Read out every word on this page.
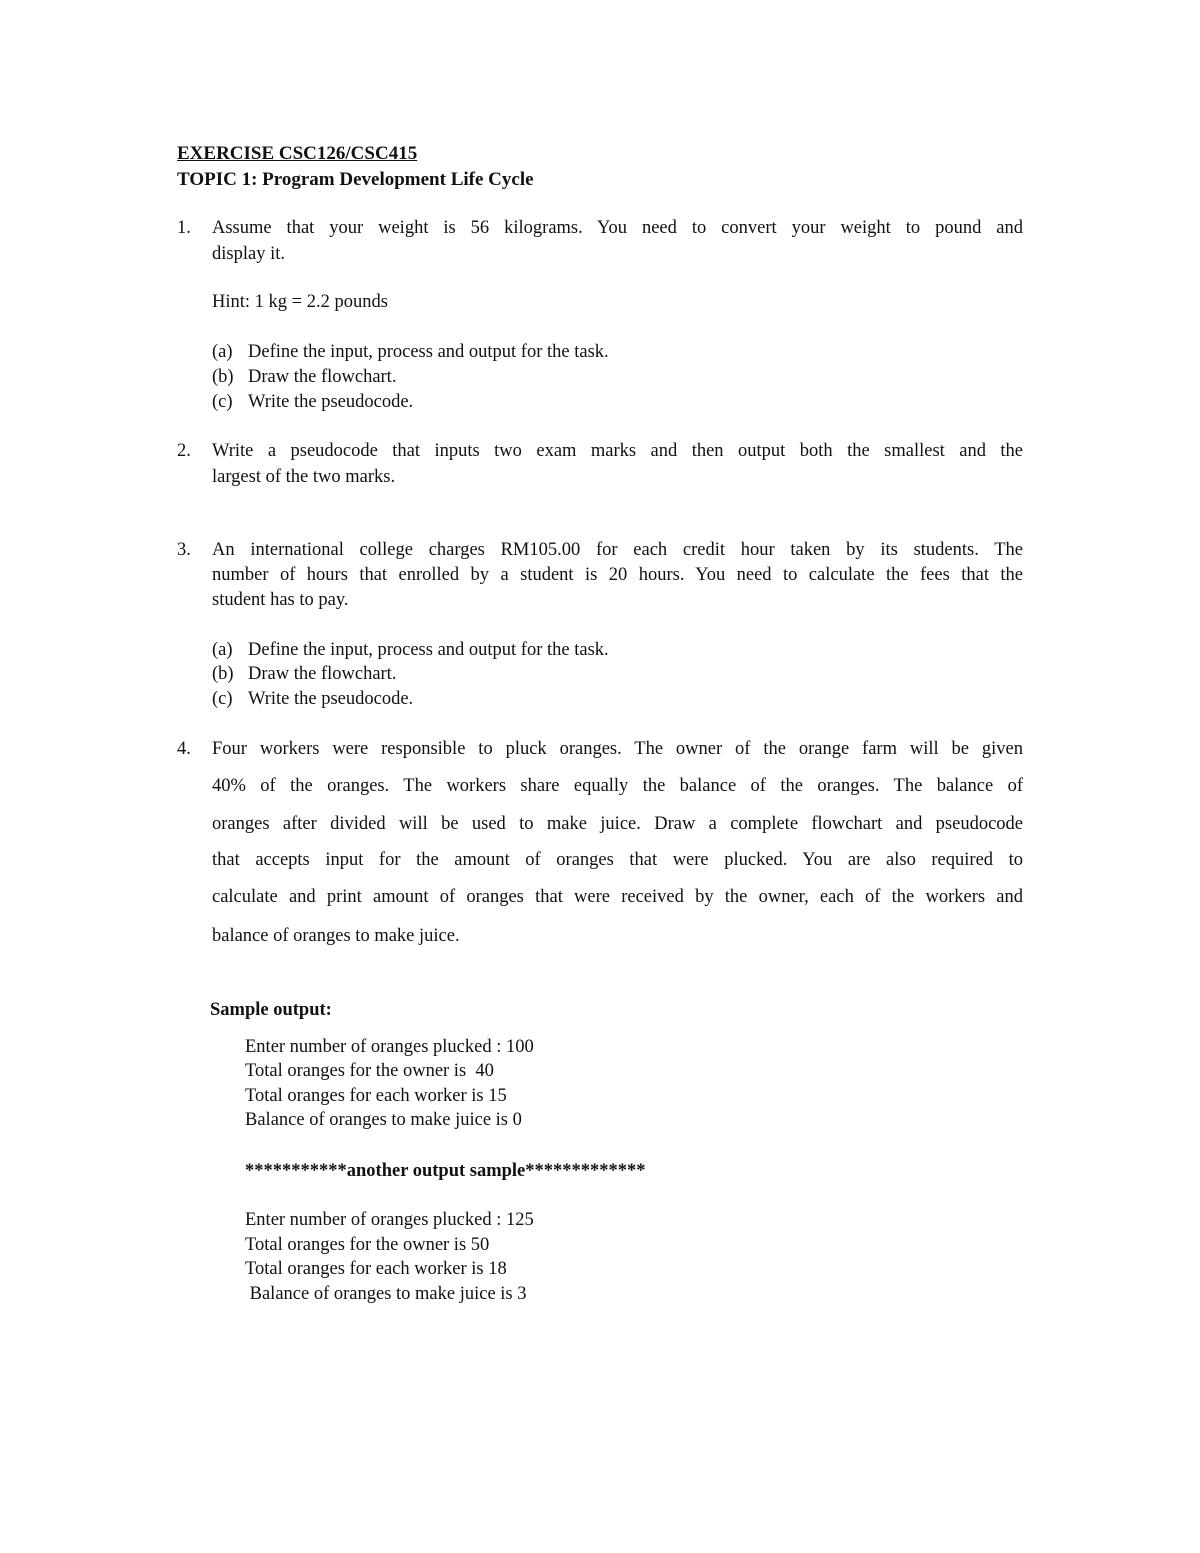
EXERCISE CSC126/CSC415
TOPIC 1: Program Development Life Cycle
1. Assume that your weight is 56 kilograms. You need to convert your weight to pound and
display it.
Hint: 1 kg = 2.2 pounds
(a) Define the input, process and output for the task.
(b) Draw the flowchart.
(c) Write the pseudocode.
2. Write a pseudocode that inputs two exam marks and then output both the smallest and the
largest of the two marks.
3. An international college charges RM105.00 for each credit hour taken by its students. The
number of hours that enrolled by a student is 20 hours. You need to calculate the fees that the
student has to pay.
(a) Define the input, process and output for the task.
(b) Draw the flowchart.
(c) Write the pseudocode.
4. Four workers were responsible to pluck oranges. The owner of the orange farm will be given
40% of the oranges. The workers share equally the balance of the oranges. The balance of
oranges after divided will be used to make juice. Draw a complete flowchart and pseudocode
that accepts input for the amount of oranges that were plucked. You are also required to
calculate and print amount of oranges that were received by the owner, each of the workers and
balance of oranges to make juice.
Sample output:
Enter number of oranges plucked : 100
Total oranges for the owner is  40
Total oranges for each worker is 15
Balance of oranges to make juice is 0
***********another output sample*************
Enter number of oranges plucked : 125
Total oranges for the owner is 50
Total oranges for each worker is 18
Balance of oranges to make juice is 3
